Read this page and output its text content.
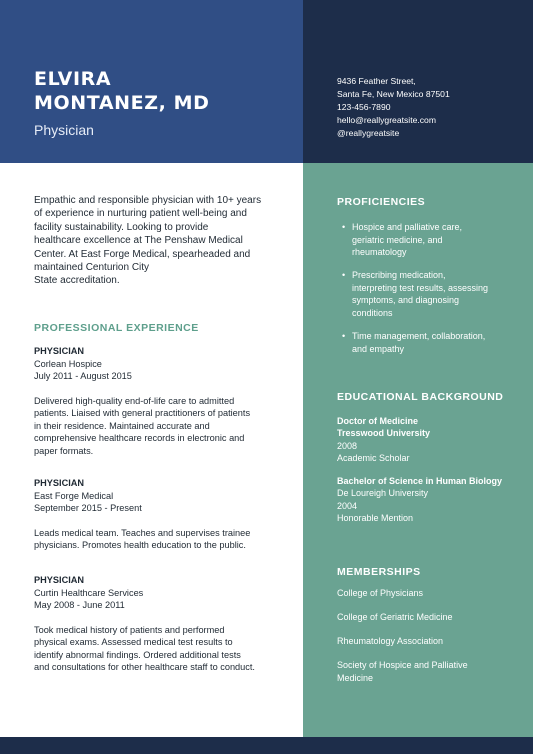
ELVIRA
MONTANEZ, MD
Physician
9436 Feather Street,
Santa Fe, New Mexico 87501
123-456-7890
hello@reallygreatsite.com
@reallygreatsite
Empathic and responsible physician with 10+ years
of experience in nurturing patient well-being and
facility sustainability. Looking to provide
healthcare excellence at The Penshaw Medical
Center. At East Forge Medical, spearheaded and
maintained Centurion City
State accreditation.
PROFESSIONAL EXPERIENCE
PHYSICIAN
Corlean Hospice
July 2011 - August 2015
Delivered high-quality end-of-life care to admitted
patients. Liaised with general practitioners of patients
in their residence. Maintained accurate and
comprehensive healthcare records in electronic and
paper formats.
PHYSICIAN
East Forge Medical
September 2015 - Present
Leads medical team. Teaches and supervises trainee
physicians. Promotes health education to the public.
PHYSICIAN
Curtin Healthcare Services
May 2008 - June 2011
Took medical history of patients and performed
physical exams. Assessed medical test results to
identify abnormal findings. Ordered additional tests
and consultations for other healthcare staff to conduct.
PROFICIENCIES
• Hospice and palliative care,
geriatric medicine, and
rheumatology
• Prescribing medication,
interpreting test results, assessing
symptoms, and diagnosing
conditions
• Time management, collaboration,
and empathy
EDUCATIONAL BACKGROUND
Doctor of Medicine
Tresswood University
2008
Academic Scholar
Bachelor of Science in Human Biology
De Loureigh University
2004
Honorable Mention
MEMBERSHIPS
College of Physicians
College of Geriatric Medicine
Rheumatology Association
Society of Hospice and Palliative
Medicine
